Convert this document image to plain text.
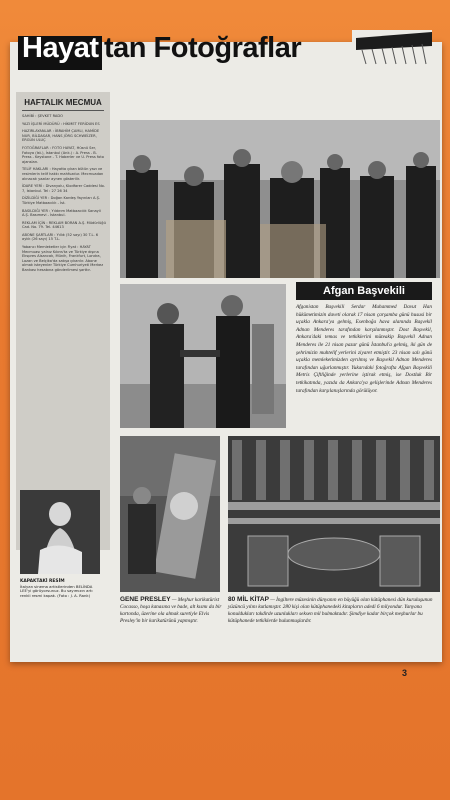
Hayat tan Fotoğraflar
HAFTALIK MECMUA

SAHİBİ : ŞEVKET RADO

YAZI İŞLERİ MÜDÜRÜ : HİKMET FERİDUN ES

HAZIRLAYANLAR : İBRAHİM ÇAMLI, HAMİDE NUR, BİLDASAR, HANS JÖRG SCHWEİZER, ERGUN ULUÇ

FOTOĞRAFLAR : FOTO HAYAT, Hüsnü Ser, Fotoya (Ist.), İstanbul (Ank.) : A. Press - B. Press - Keystone - T. Haberler ve U. Press foto ajansları.

TELİF HAKLARI : Hayatta çıkan bütün yazı ve resimlerin telif hakkı mahfuzdur. Mecmuadan alınacak yazılar aynen gösterilir.

İDARE YERİ : Divanyolu, Klodfarer Caddesi No. 7, İstanbul. Tel : 27 26 34

DİZİLDİĞİ YER : Doğan Kardeş Yayınları A.Ş. Türkiye Matbaacılık - İst.

BASILDIĞI YER : Yıldırım Matbaacılık Sanayii A.Ş. Basımevi - İstanbul.

REKLAM İÇİN : REKLAM BORAN A.Ş. Müdürlüğü Cad. No. 79. Tel. 44613

ABONE ŞARTLARI : Yıllık (52 sayı) 30 T.L. 6 aylık (26 sayı) 15 T.L.

Yabancı Memleketler için Fiyat : HAYAT Mecmuası yalnız Kıbrıs'ta ve Türkiye dışına Ekspres Alsancak, Münih, Frankfurt, Londra, Lozan ve Belçika'da satışa çıkarılır. Abone olmak isteyenler Türkiye Cumhuriyeti Merkez Bankası hesabına gönderilmesi şarttır.

KAPAKTAKİ RESİM
İtalyan sinema artistlerinden BELİNDA LEE'yi görüyorsunuz. Bu sayımızın artı renkli resmi kapak. (Foto : J. A. Rank)
Afgan Başvekili
Afganistan Başvekili Serdar Muhammed Davut Han hükümetimizin daveti olarak 17 nisan çarşamba günü hususi bir uçakla Ankara'ya gelmiş, Esenboğa hava alanında Başvekil Adnan Menderes tarafından karşılanmıştır. Dost Başvekil, Ankara'daki temas ve tetkiklerini müteakip Başvekil Adnan Menderes ile 21 nisan pazar günü İstanbul'a gelmiş, iki gün de şehrimizin muhtelif yerlerini ziyaret etmiştir. 23 nisan salı günü uçakla memleketimizden ayrılmış ve Başvekil Adnan Menderes tarafından uğurlanmıştır. Yukarıdaki fotoğrafta Afgan Başvekili Metris Çiftliğinde yerlerine iştirak etmiş, ise Dostluk Bir tetkikatında, yazıda da Ankara'ya gelişlerinde Adnan Menderes tarafından karşılanışlarında görülüyor.
GENE PRESLEY — Meşhur karikatürist Cocasso, hoşa kanasına ve bade, alt kısmı da bir kartonda, üzerine ola almak suretiyle Elvis Presley'in bir karikatürünü yapmıştır.
80 MİL KİTAP — İngiltere müzesinin dünyanın en büyüğü olan kütüphanesi dün kuruluşunun yüzüncü yılını kutlamıştır. 280 kişi olan kütüphanedeki kitapların adedi 6 milyondur. Yanyana konuldukları takdirde uzunlukları seksen mil bulmaktadır. Şimdiye kadar birçok meşhurlar bu kütüphanede tetkiklerde bulunmuşlardır.
3
